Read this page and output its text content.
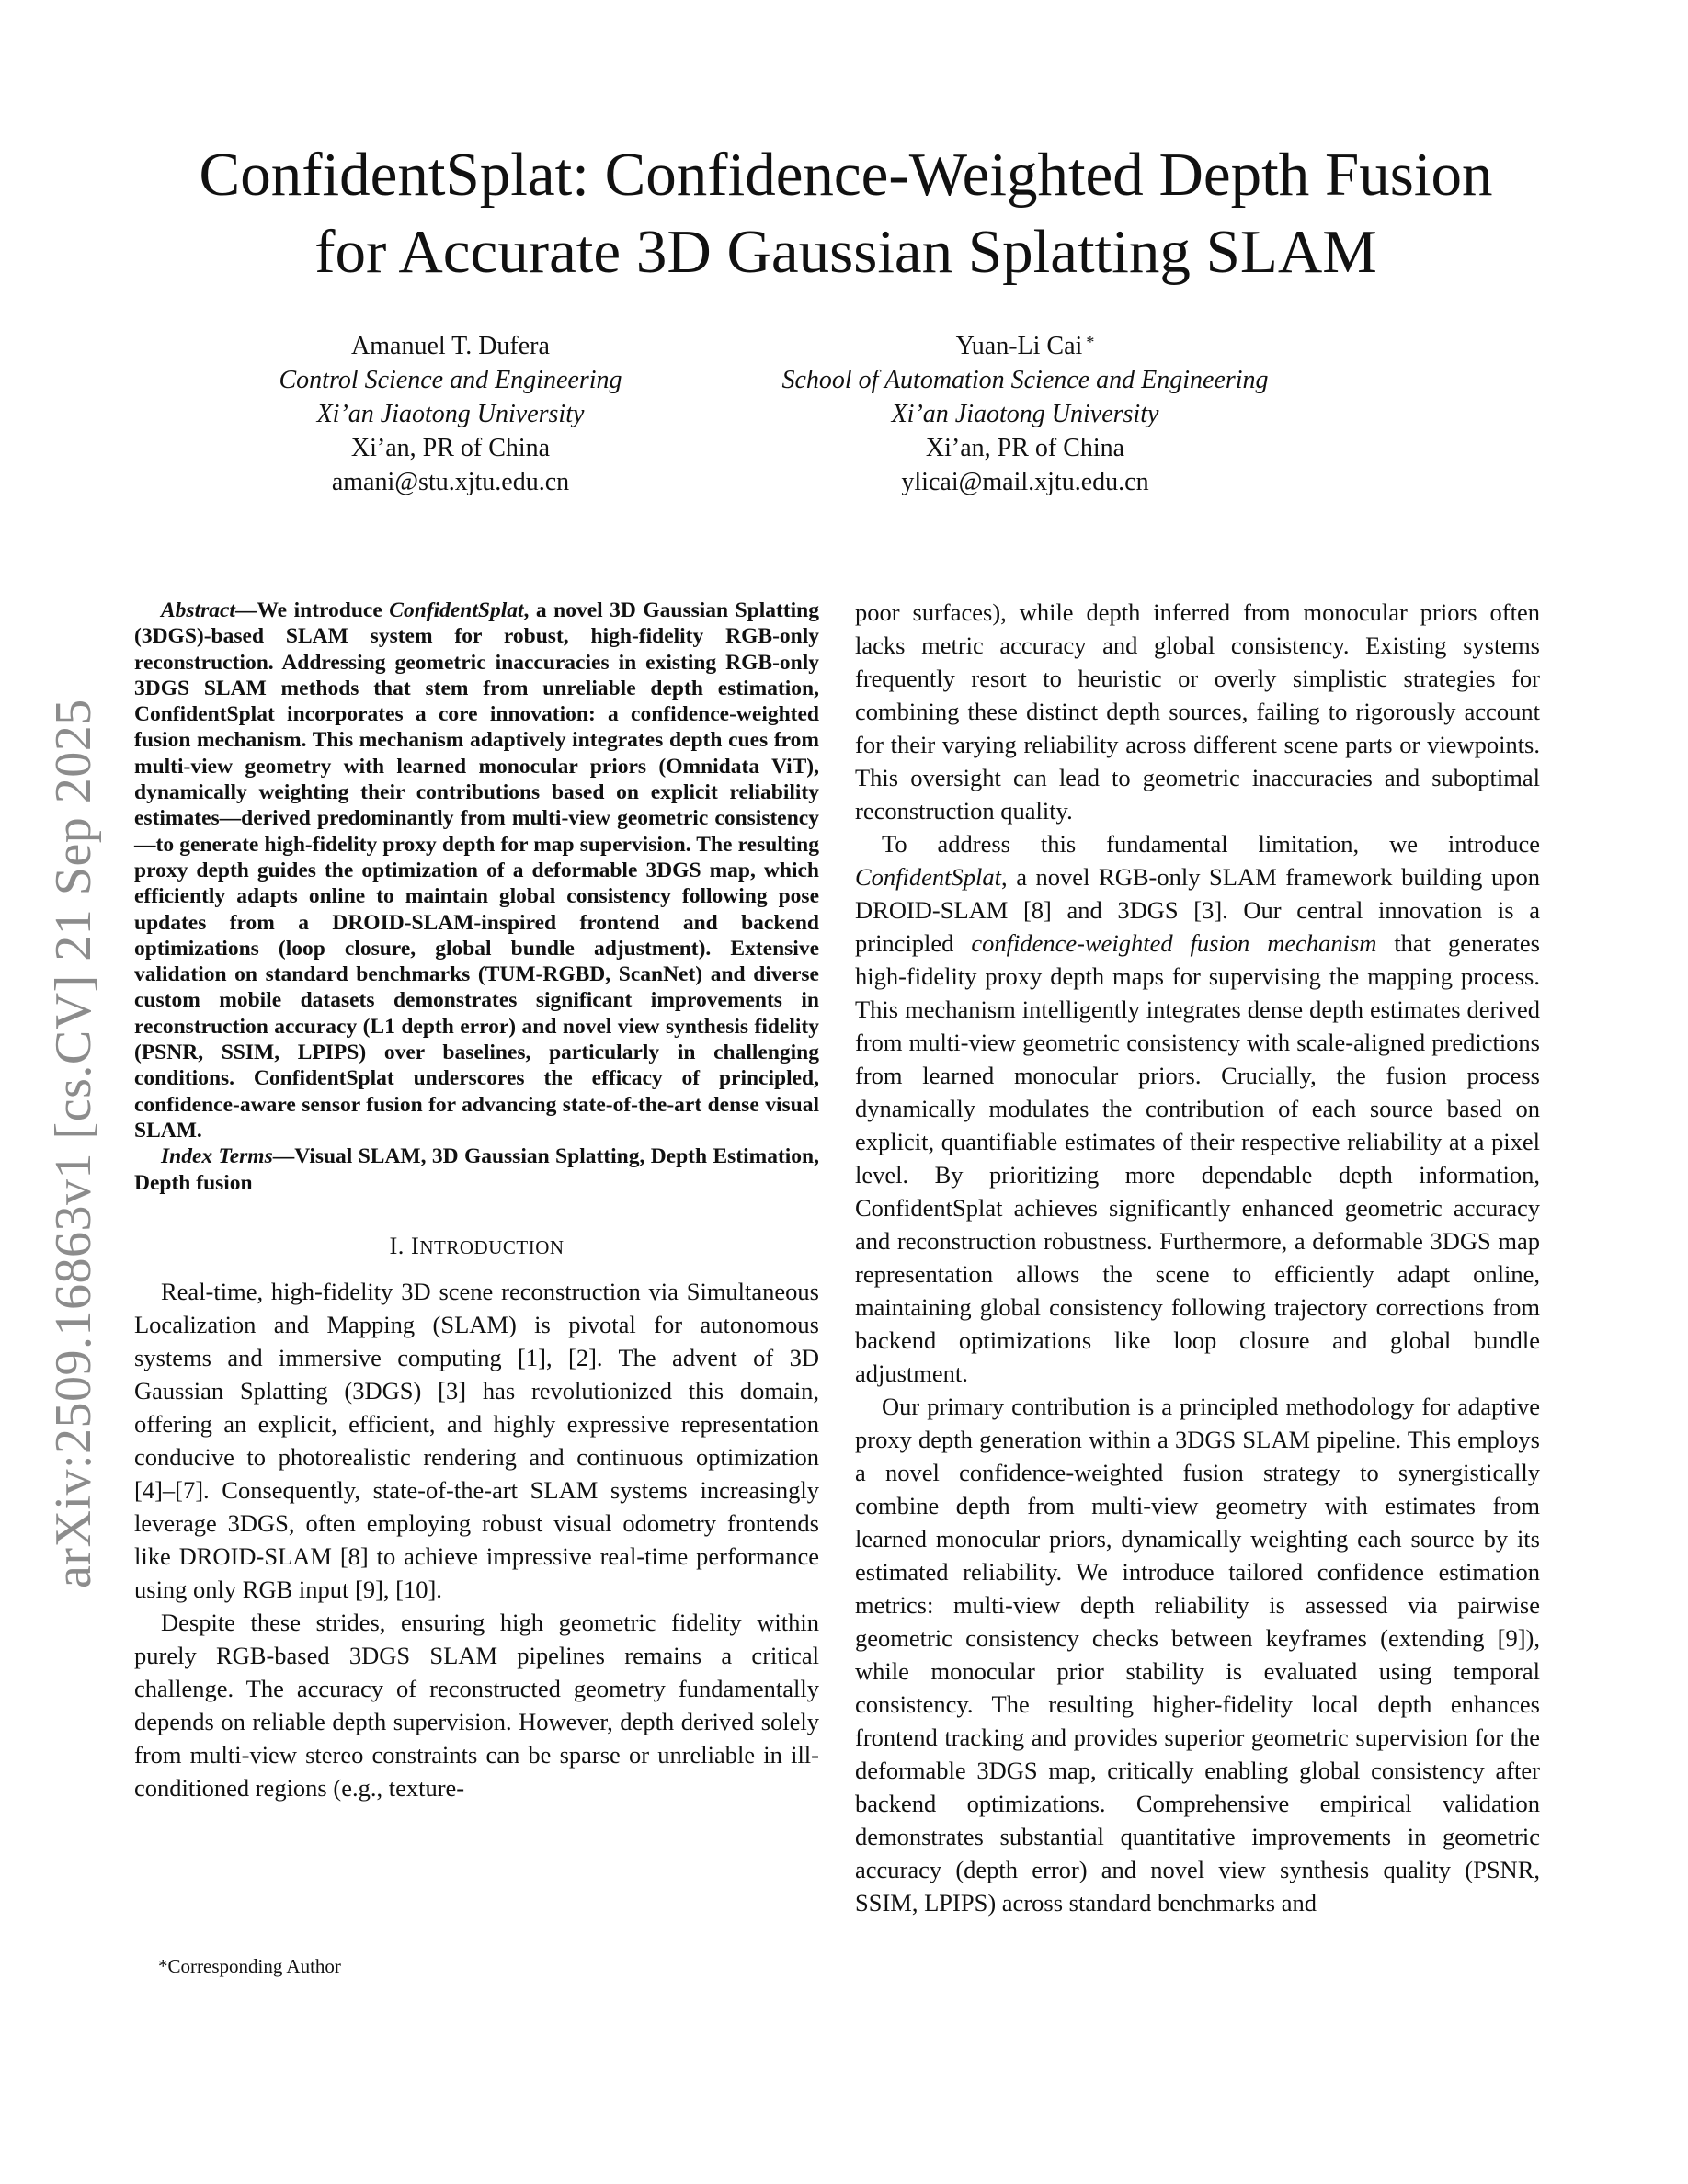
ConfidentSplat: Confidence-Weighted Depth Fusion
for Accurate 3D Gaussian Splatting SLAM
Amanuel T. Dufera
Control Science and Engineering
Xi’an Jiaotong University
Xi’an, PR of China
amani@stu.xjtu.edu.cn
Yuan-Li Cai *
School of Automation Science and Engineering
Xi’an Jiaotong University
Xi’an, PR of China
ylicai@mail.xjtu.edu.cn
arXiv:2509.16863v1 [cs.CV] 21 Sep 2025

Abstract—We introduce ConfidentSplat, a novel 3D Gaussian Splatting (3DGS)-based SLAM system for robust, high-fidelity RGB-only reconstruction. Addressing geometric inaccuracies in existing RGB-only 3DGS SLAM methods that stem from unreliable depth estimation, ConfidentSplat incorporates a core innovation: a confidence-weighted fusion mechanism. This mechanism adaptively integrates depth cues from multi-view geometry with learned monocular priors (Omnidata ViT), dynamically weighting their contributions based on explicit reliability estimates—derived predominantly from multi-view geometric consistency—to generate high-fidelity proxy depth for map supervision. The resulting proxy depth guides the optimization of a deformable 3DGS map, which efficiently adapts online to maintain global consistency following pose updates from a DROID-SLAM-inspired frontend and backend optimizations (loop closure, global bundle adjustment). Extensive validation on standard benchmarks (TUM-RGBD, ScanNet) and diverse custom mobile datasets demonstrates significant improvements in reconstruction accuracy (L1 depth error) and novel view synthesis fidelity (PSNR, SSIM, LPIPS) over baselines, particularly in challenging conditions. ConfidentSplat underscores the efficacy of principled, confidence-aware sensor fusion for advancing state-of-the-art dense visual SLAM.

Index Terms—Visual SLAM, 3D Gaussian Splatting, Depth Estimation, Depth fusion

I. INTRODUCTION

Real-time, high-fidelity 3D scene reconstruction via Simultaneous Localization and Mapping (SLAM) is pivotal for autonomous systems and immersive computing [1], [2]. The advent of 3D Gaussian Splatting (3DGS) [3] has revolutionized this domain, offering an explicit, efficient, and highly expressive representation conducive to photorealistic rendering and continuous optimization [4]–[7]. Consequently, state-of-the-art SLAM systems increasingly leverage 3DGS, often employing robust visual odometry frontends like DROID-SLAM [8] to achieve impressive real-time performance using only RGB input [9], [10].

Despite these strides, ensuring high geometric fidelity within purely RGB-based 3DGS SLAM pipelines remains a critical challenge. The accuracy of reconstructed geometry fundamentally depends on reliable depth supervision. However, depth derived solely from multi-view stereo constraints can be sparse or unreliable in ill-conditioned regions (e.g., texture-

poor surfaces), while depth inferred from monocular priors often lacks metric accuracy and global consistency. Existing systems frequently resort to heuristic or overly simplistic strategies for combining these distinct depth sources, failing to rigorously account for their varying reliability across different scene parts or viewpoints. This oversight can lead to geometric inaccuracies and suboptimal reconstruction quality.

To address this fundamental limitation, we introduce ConfidentSplat, a novel RGB-only SLAM framework building upon DROID-SLAM [8] and 3DGS [3]. Our central innovation is a principled confidence-weighted fusion mechanism that generates high-fidelity proxy depth maps for supervising the mapping process. This mechanism intelligently integrates dense depth estimates derived from multi-view geometric consistency with scale-aligned predictions from learned monocular priors. Crucially, the fusion process dynamically modulates the contribution of each source based on explicit, quantifiable estimates of their respective reliability at a pixel level. By prioritizing more dependable depth information, ConfidentSplat achieves significantly enhanced geometric accuracy and reconstruction robustness. Furthermore, a deformable 3DGS map representation allows the scene to efficiently adapt online, maintaining global consistency following trajectory corrections from backend optimizations like loop closure and global bundle adjustment.

Our primary contribution is a principled methodology for adaptive proxy depth generation within a 3DGS SLAM pipeline. This employs a novel confidence-weighted fusion strategy to synergistically combine depth from multi-view geometry with estimates from learned monocular priors, dynamically weighting each source by its estimated reliability. We introduce tailored confidence estimation metrics: multi-view depth reliability is assessed via pairwise geometric consistency checks between keyframes (extending [9]), while monocular prior stability is evaluated using temporal consistency. The resulting higher-fidelity local depth enhances frontend tracking and provides superior geometric supervision for the deformable 3DGS map, critically enabling global consistency after backend optimizations. Comprehensive empirical validation demonstrates substantial quantitative improvements in geometric accuracy (depth error) and novel view synthesis quality (PSNR, SSIM, LPIPS) across standard benchmarks and

*Corresponding Author
